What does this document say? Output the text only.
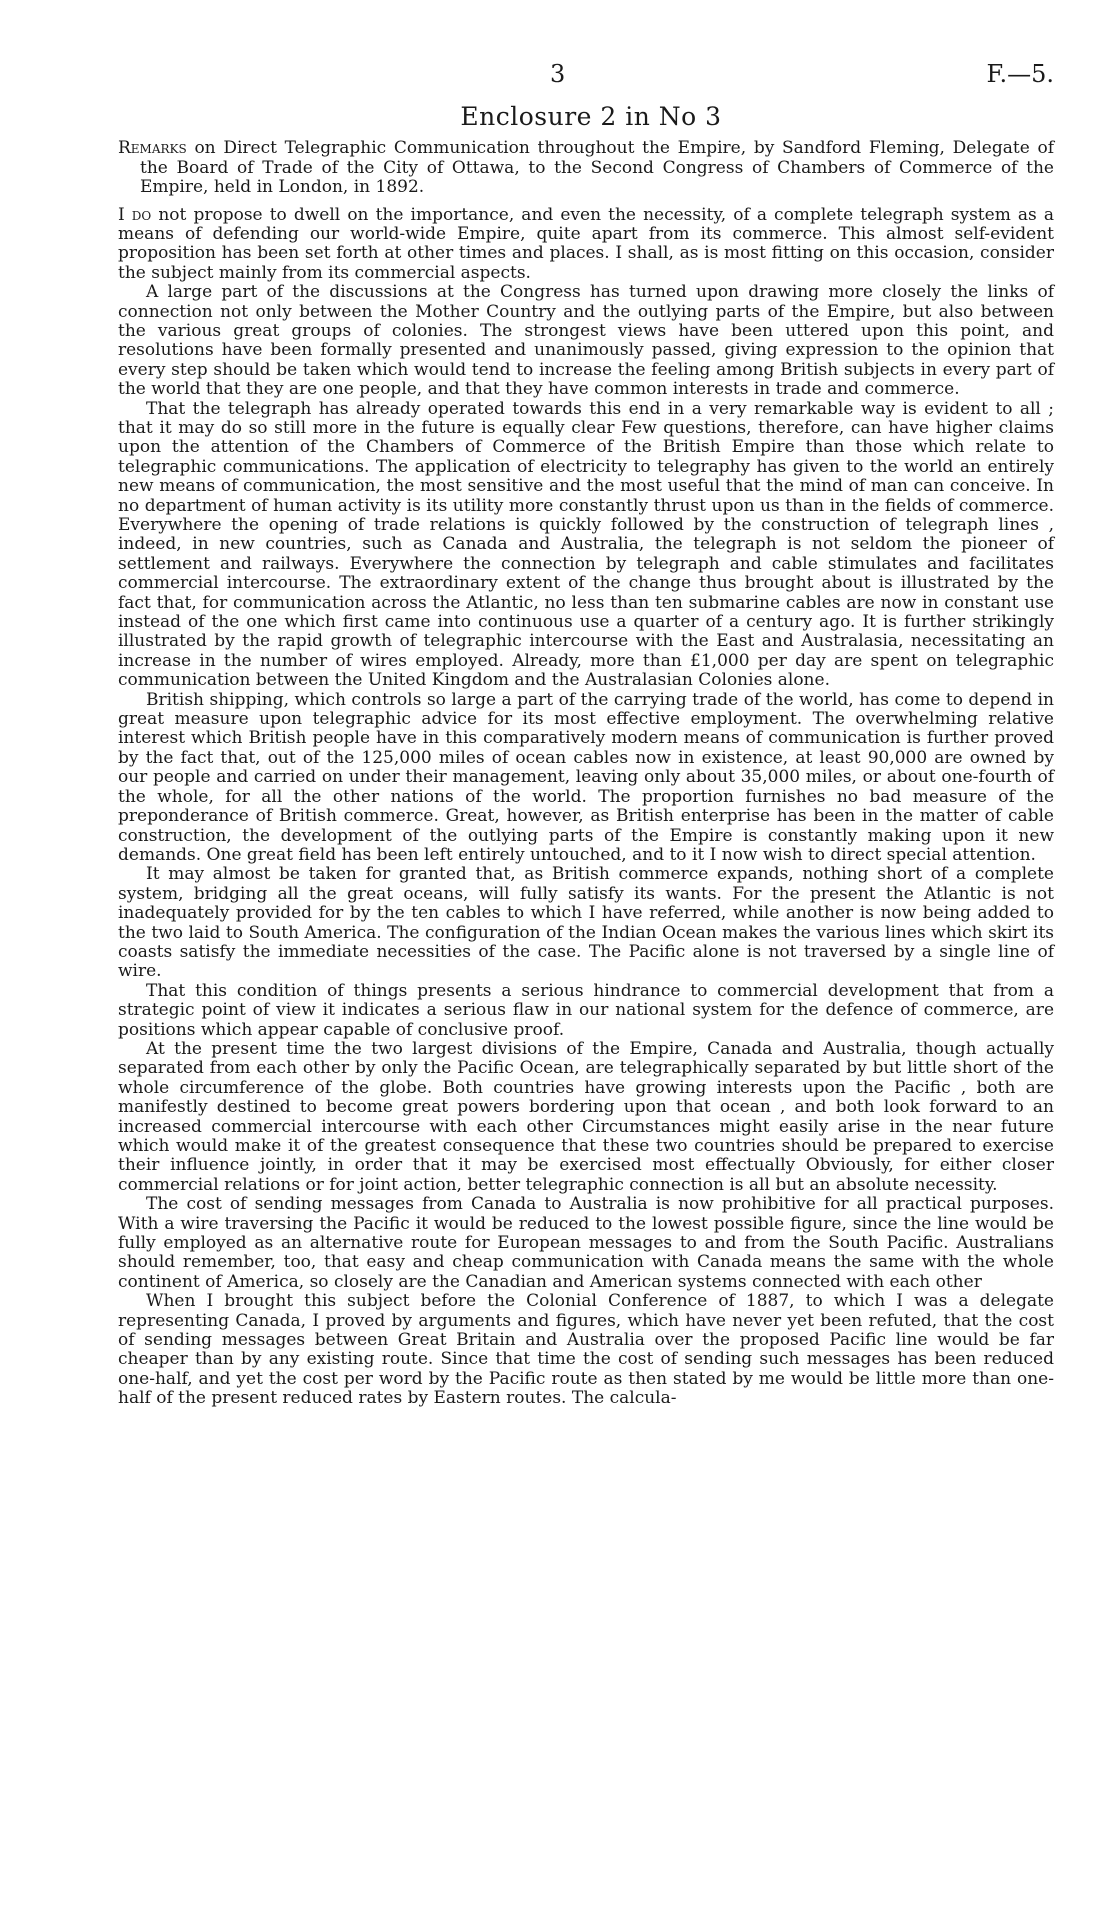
3	F.—5.
Enclosure 2 in No 3

Remarks on Direct Telegraphic Communication throughout the Empire, by Sandford Fleming, Delegate of the Board of Trade of the City of Ottawa, to the Second Congress of Chambers of Commerce of the Empire, held in London, in 1892.

I do not propose to dwell on the importance, and even the necessity, of a complete telegraph system as a means of defending our world-wide Empire, quite apart from its commerce. This almost self-evident proposition has been set forth at other times and places. I shall, as is most fitting on this occasion, consider the subject mainly from its commercial aspects.

A large part of the discussions at the Congress has turned upon drawing more closely the links of connection not only between the Mother Country and the outlying parts of the Empire, but also between the various great groups of colonies. The strongest views have been uttered upon this point, and resolutions have been formally presented and unanimously passed, giving expression to the opinion that every step should be taken which would tend to increase the feeling among British subjects in every part of the world that they are one people, and that they have common interests in trade and commerce.

That the telegraph has already operated towards this end in a very remarkable way is evident to all ; that it may do so still more in the future is equally clear Few questions, therefore, can have higher claims upon the attention of the Chambers of Commerce of the British Empire than those which relate to telegraphic communications. The application of electricity to telegraphy has given to the world an entirely new means of communication, the most sensitive and the most useful that the mind of man can conceive. In no department of human activity is its utility more constantly thrust upon us than in the fields of commerce. Everywhere the opening of trade relations is quickly followed by the construction of telegraph lines , indeed, in new countries, such as Canada and Australia, the telegraph is not seldom the pioneer of settlement and railways. Everywhere the connection by telegraph and cable stimulates and facilitates commercial intercourse. The extraordinary extent of the change thus brought about is illustrated by the fact that, for communication across the Atlantic, no less than ten submarine cables are now in constant use instead of the one which first came into continuous use a quarter of a century ago. It is further strikingly illustrated by the rapid growth of telegraphic intercourse with the East and Australasia, necessitating an increase in the number of wires employed. Already, more than £1,000 per day are spent on telegraphic communication between the United Kingdom and the Australasian Colonies alone.

British shipping, which controls so large a part of the carrying trade of the world, has come to depend in great measure upon telegraphic advice for its most effective employment. The overwhelming relative interest which British people have in this comparatively modern means of communication is further proved by the fact that, out of the 125,000 miles of ocean cables now in existence, at least 90,000 are owned by our people and carried on under their management, leaving only about 35,000 miles, or about one-fourth of the whole, for all the other nations of the world. The proportion furnishes no bad measure of the preponderance of British commerce. Great, however, as British enterprise has been in the matter of cable construction, the development of the outlying parts of the Empire is constantly making upon it new demands. One great field has been left entirely untouched, and to it I now wish to direct special attention.

It may almost be taken for granted that, as British commerce expands, nothing short of a complete system, bridging all the great oceans, will fully satisfy its wants. For the present the Atlantic is not inadequately provided for by the ten cables to which I have referred, while another is now being added to the two laid to South America. The configuration of the Indian Ocean makes the various lines which skirt its coasts satisfy the immediate necessities of the case. The Pacific alone is not traversed by a single line of wire.

That this condition of things presents a serious hindrance to commercial development that from a strategic point of view it indicates a serious flaw in our national system for the defence of commerce, are positions which appear capable of conclusive proof.

At the present time the two largest divisions of the Empire, Canada and Australia, though actually separated from each other by only the Pacific Ocean, are telegraphically separated by but little short of the whole circumference of the globe. Both countries have growing interests upon the Pacific , both are manifestly destined to become great powers bordering upon that ocean , and both look forward to an increased commercial intercourse with each other Circumstances might easily arise in the near future which would make it of the greatest consequence that these two countries should be prepared to exercise their influence jointly, in order that it may be exercised most effectually Obviously, for either closer commercial relations or for joint action, better telegraphic connection is all but an absolute necessity.

The cost of sending messages from Canada to Australia is now prohibitive for all practical purposes. With a wire traversing the Pacific it would be reduced to the lowest possible figure, since the line would be fully employed as an alternative route for European messages to and from the South Pacific. Australians should remember, too, that easy and cheap communication with Canada means the same with the whole continent of America, so closely are the Canadian and American systems connected with each other

When I brought this subject before the Colonial Conference of 1887, to which I was a delegate representing Canada, I proved by arguments and figures, which have never yet been refuted, that the cost of sending messages between Great Britain and Australia over the proposed Pacific line would be far cheaper than by any existing route. Since that time the cost of sending such messages has been reduced one-half, and yet the cost per word by the Pacific route as then stated by me would be little more than one-half of the present reduced rates by Eastern routes. The calcula-
